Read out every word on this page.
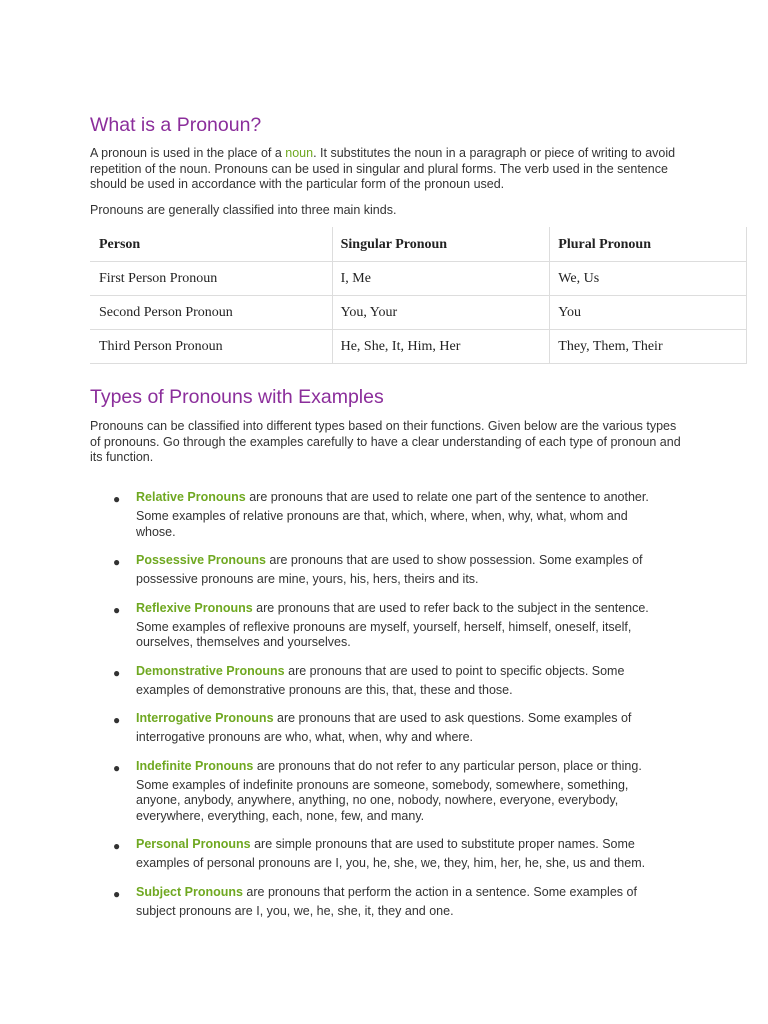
What is a Pronoun?

A pronoun is used in the place of a noun. It substitutes the noun in a paragraph or piece of writing to avoid repetition of the noun. Pronouns can be used in singular and plural forms. The verb used in the sentence should be used in accordance with the particular form of the pronoun used.

Pronouns are generally classified into three main kinds.

Person	Singular Pronoun	Plural Pronoun
First Person Pronoun	I, Me	We, Us
Second Person Pronoun	You, Your	You
Third Person Pronoun	He, She, It, Him, Her	They, Them, Their
Types of Pronouns with Examples

Pronouns can be classified into different types based on their functions. Given below are the various types of pronouns. Go through the examples carefully to have a clear understanding of each type of pronoun and its function.

● Relative Pronouns are pronouns that are used to relate one part of the sentence to another.
Some examples of relative pronouns are that, which, where, when, why, what, whom and whose.
● Possessive Pronouns are pronouns that are used to show possession. Some examples of
possessive pronouns are mine, yours, his, hers, theirs and its.
● Reflexive Pronouns are pronouns that are used to refer back to the subject in the sentence.
Some examples of reflexive pronouns are myself, yourself, herself, himself, oneself, itself, ourselves, themselves and yourselves.
● Demonstrative Pronouns are pronouns that are used to point to specific objects. Some
examples of demonstrative pronouns are this, that, these and those.
● Interrogative Pronouns are pronouns that are used to ask questions. Some examples of
interrogative pronouns are who, what, when, why and where.
● Indefinite Pronouns are pronouns that do not refer to any particular person, place or thing.
Some examples of indefinite pronouns are someone, somebody, somewhere, something, anyone, anybody, anywhere, anything, no one, nobody, nowhere, everyone, everybody, everywhere, everything, each, none, few, and many.
● Personal Pronouns are simple pronouns that are used to substitute proper names. Some
examples of personal pronouns are I, you, he, she, we, they, him, her, he, she, us and them.
● Subject Pronouns are pronouns that perform the action in a sentence. Some examples of
subject pronouns are I, you, we, he, she, it, they and one.
